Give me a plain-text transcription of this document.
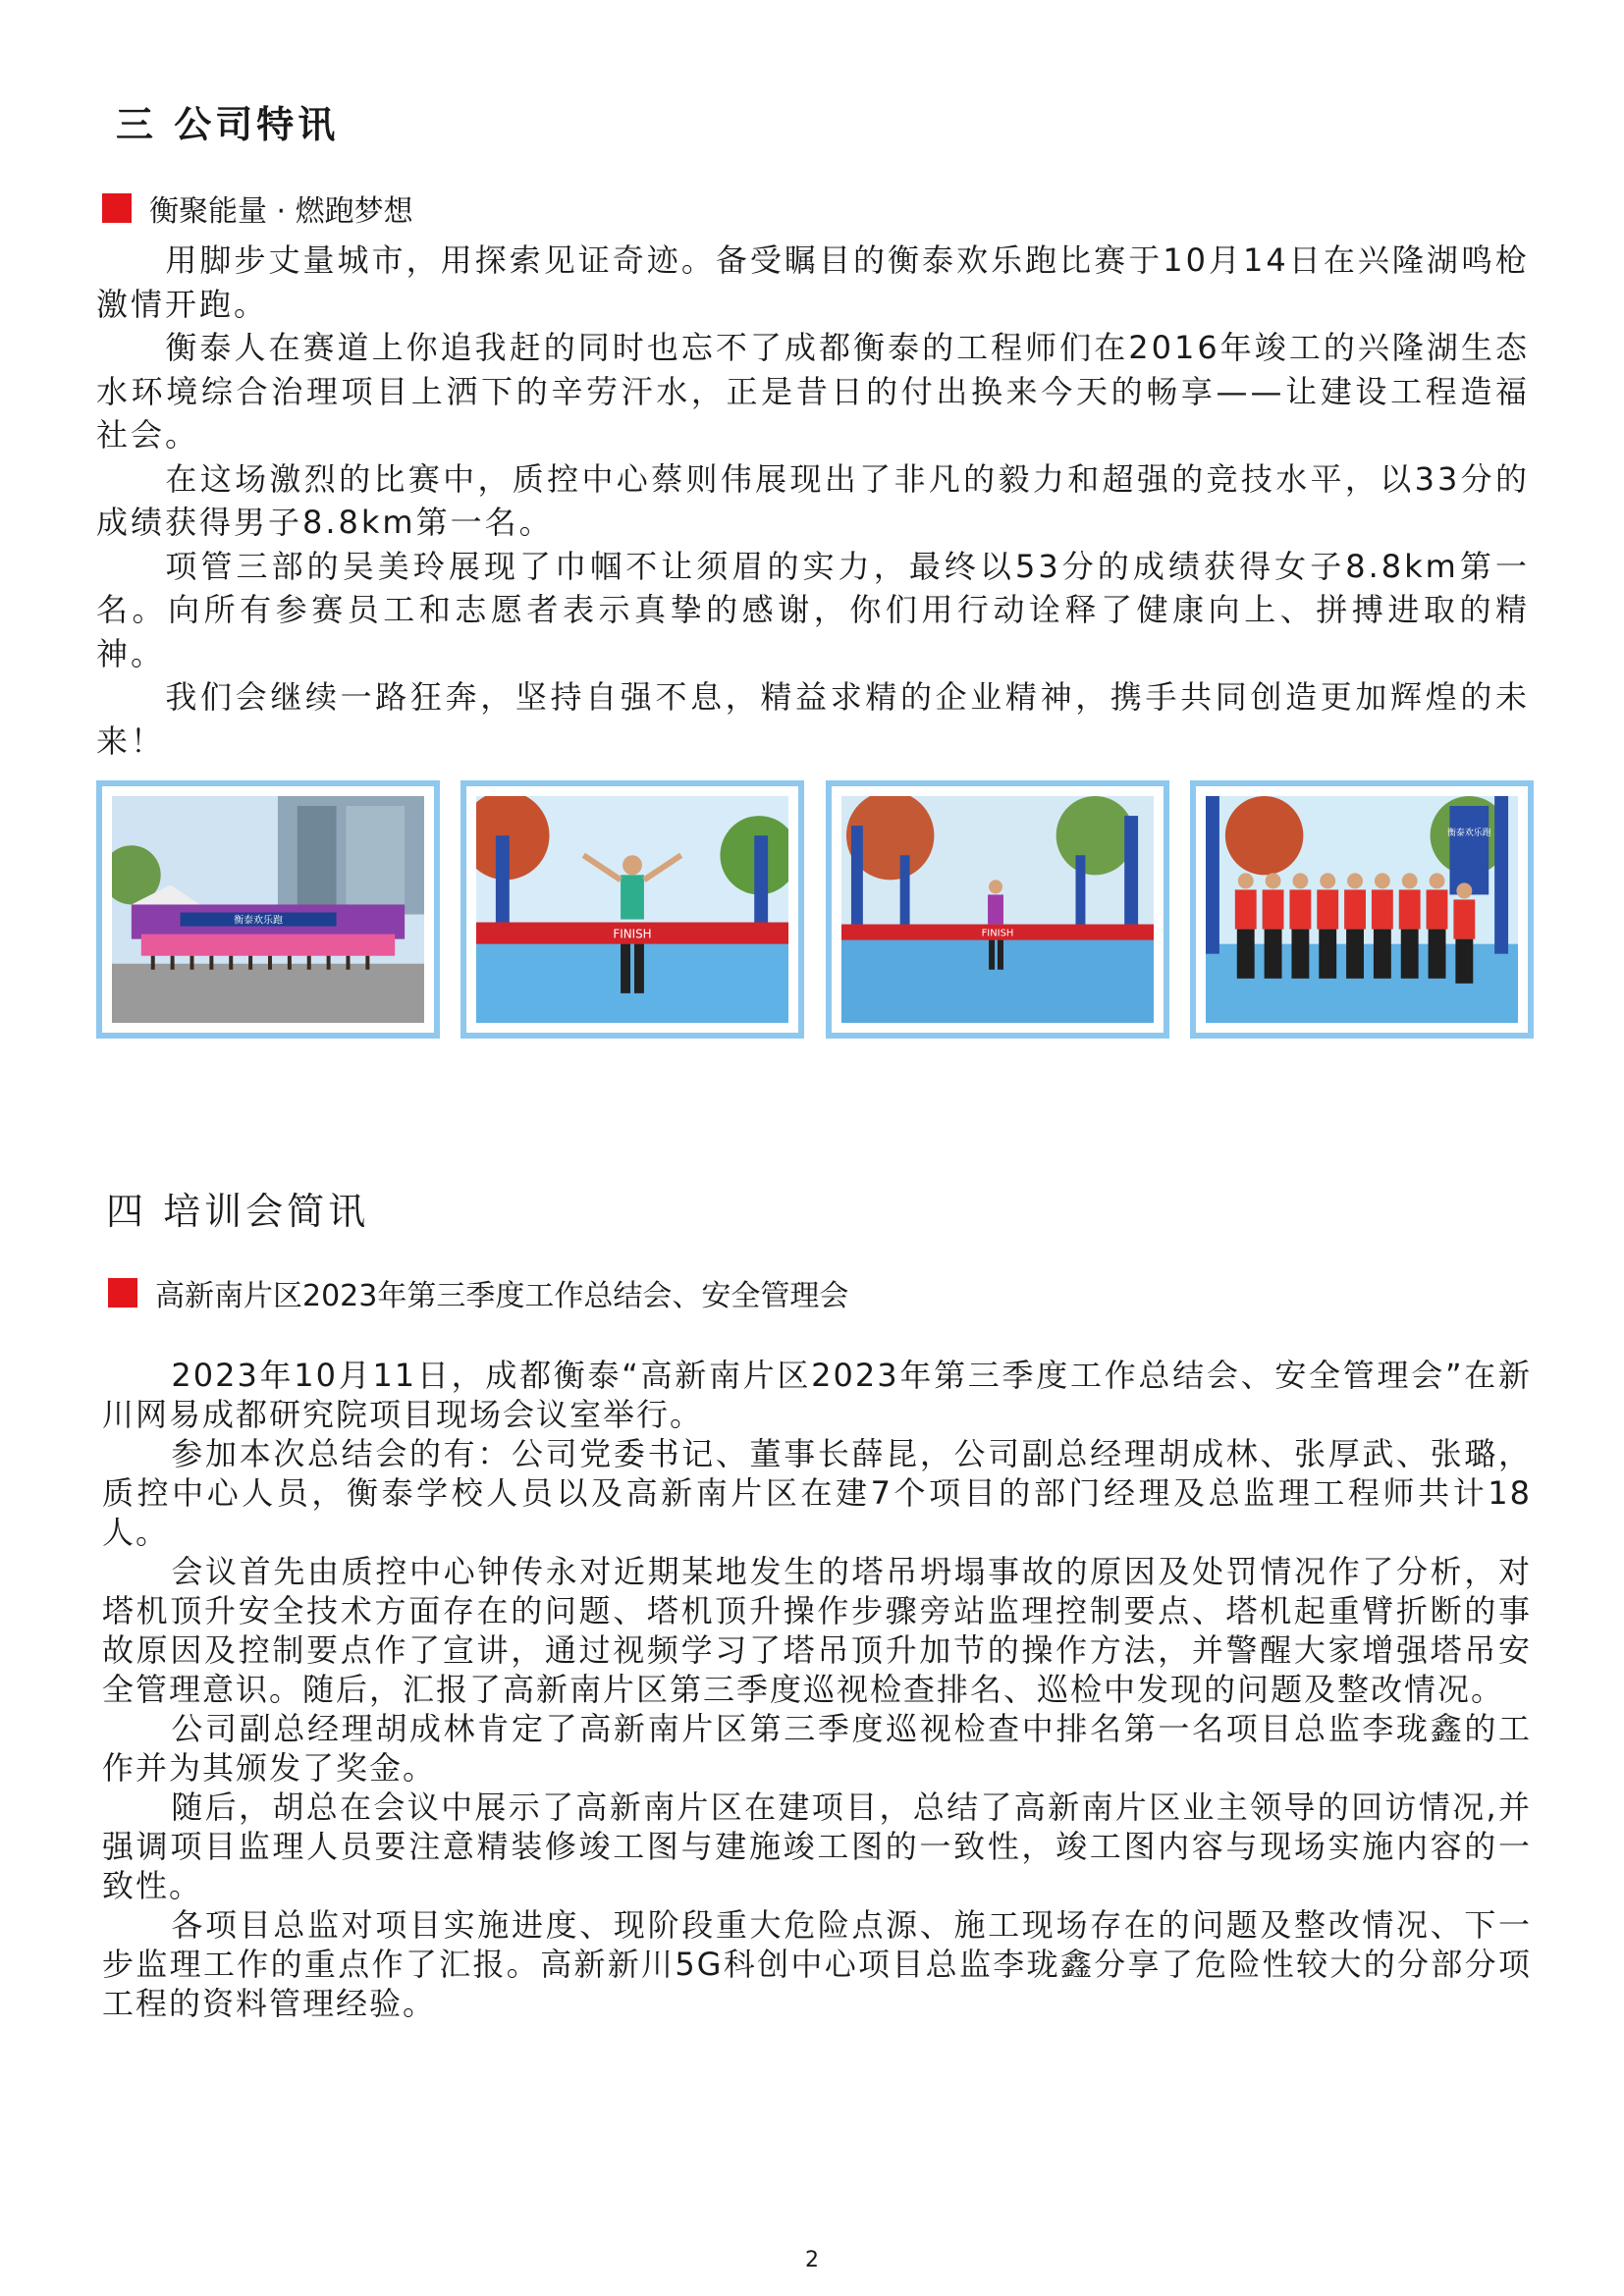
三 公司特讯
衡聚能量 · 燃跑梦想

用脚步丈量城市，用探索见证奇迹。备受瞩目的衡泰欢乐跑比赛于10月14日在兴隆湖鸣枪激情开跑。

衡泰人在赛道上你追我赶的同时也忘不了成都衡泰的工程师们在2016年竣工的兴隆湖生态水环境综合治理项目上洒下的辛劳汗水，正是昔日的付出换来今天的畅享——让建设工程造福社会。

在这场激烈的比赛中，质控中心蔡则伟展现出了非凡的毅力和超强的竞技水平，以33分的成绩获得男子8.8km第一名。

项管三部的吴美玲展现了巾帼不让须眉的实力，最终以53分的成绩获得女子8.8km第一名。向所有参赛员工和志愿者表示真挚的感谢，你们用行动诠释了健康向上、拼搏进取的精神。

我们会继续一路狂奔，坚持自强不息，精益求精的企业精神，携手共同创造更加辉煌的未来！

衡泰欢乐跑
FINISH	FINISH
衡泰欢乐跑
四 培训会简讯
高新南片区2023年第三季度工作总结会、安全管理会

2023年10月11日，成都衡泰“高新南片区2023年第三季度工作总结会、安全管理会”在新川网易成都研究院项目现场会议室举行。

参加本次总结会的有：公司党委书记、董事长薛昆，公司副总经理胡成林、张厚武、张璐，质控中心人员，衡泰学校人员以及高新南片区在建7个项目的部门经理及总监理工程师共计18人。

会议首先由质控中心钟传永对近期某地发生的塔吊坍塌事故的原因及处罚情况作了分析，对塔机顶升安全技术方面存在的问题、塔机顶升操作步骤旁站监理控制要点、塔机起重臂折断的事故原因及控制要点作了宣讲，通过视频学习了塔吊顶升加节的操作方法，并警醒大家增强塔吊安全管理意识。随后，汇报了高新南片区第三季度巡视检查排名、巡检中发现的问题及整改情况。

公司副总经理胡成林肯定了高新南片区第三季度巡视检查中排名第一名项目总监李珑鑫的工作并为其颁发了奖金。

随后，胡总在会议中展示了高新南片区在建项目，总结了高新南片区业主领导的回访情况,并强调项目监理人员要注意精装修竣工图与建施竣工图的一致性，竣工图内容与现场实施内容的一致性。

各项目总监对项目实施进度、现阶段重大危险点源、施工现场存在的问题及整改情况、下一步监理工作的重点作了汇报。高新新川5G科创中心项目总监李珑鑫分享了危险性较大的分部分项工程的资料管理经验。

2
